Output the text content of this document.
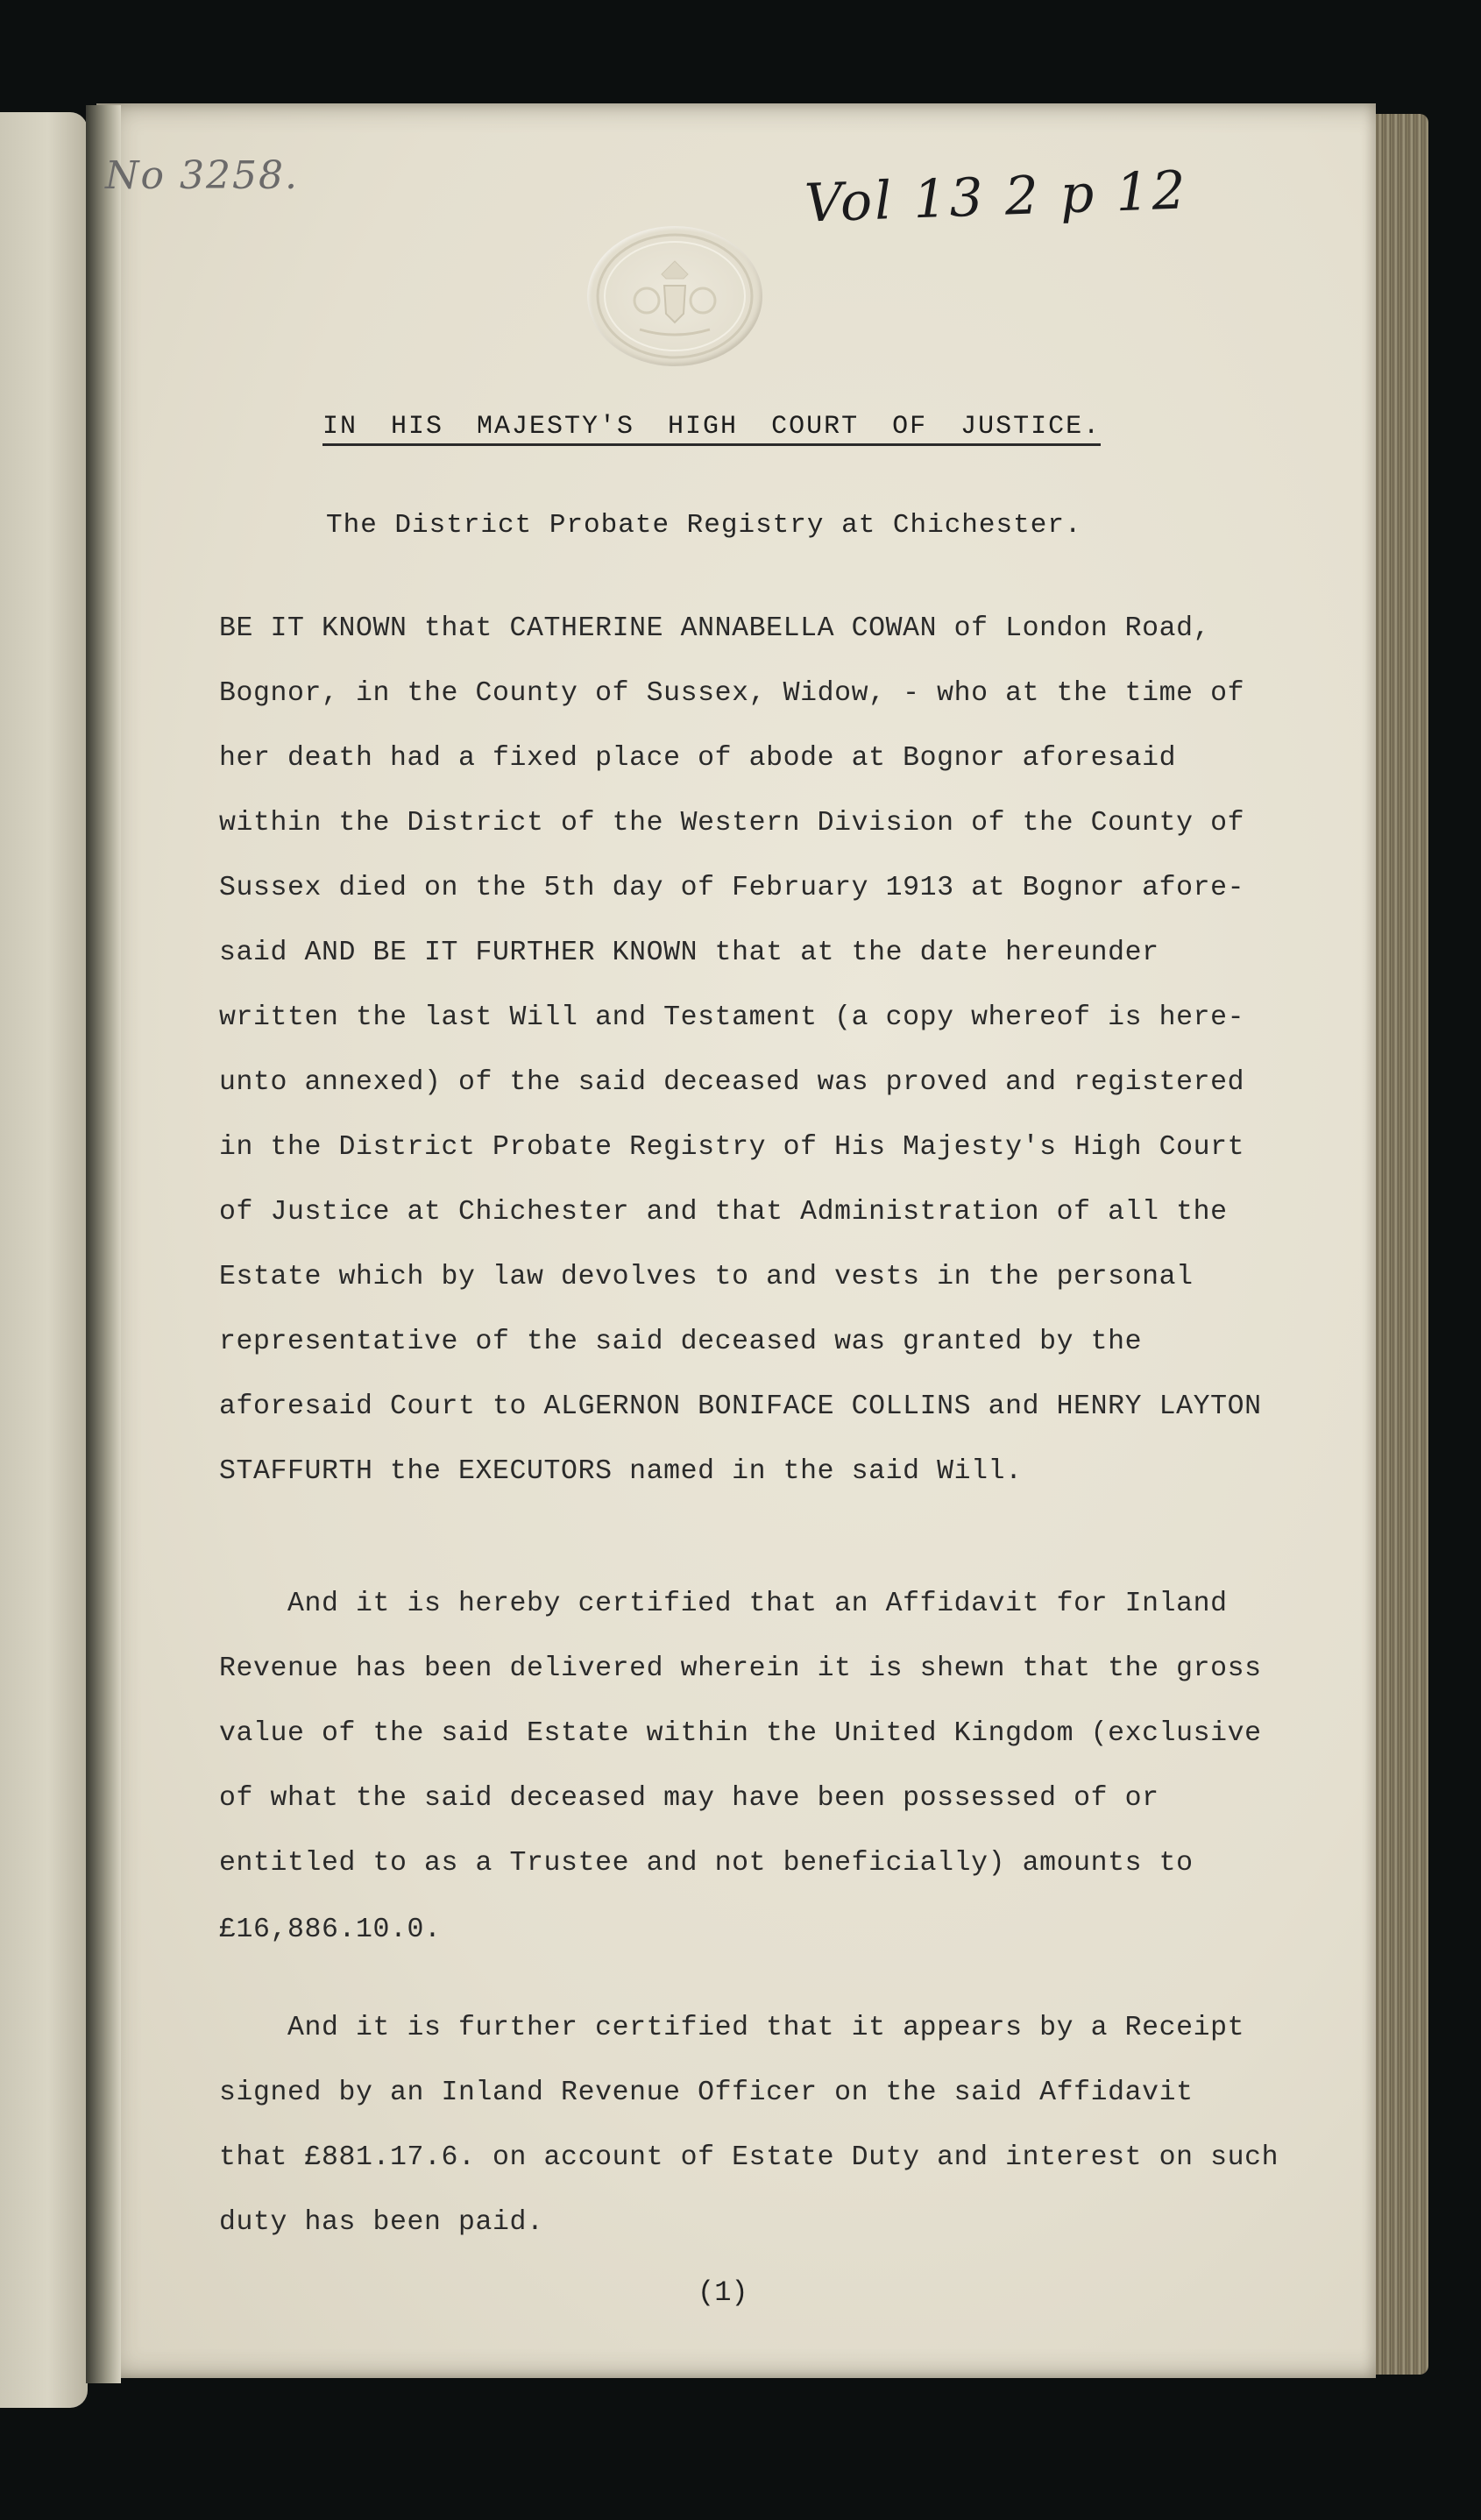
No 3258.	Vol 13 2 p 12
IN HIS MAJESTY'S HIGH COURT OF JUSTICE.
The District Probate Registry at Chichester.
BE IT KNOWN that CATHERINE ANNABELLA COWAN of London Road,
Bognor, in the County of Sussex, Widow, - who at the time of
her death had a fixed place of abode at Bognor aforesaid
within the District of the Western Division of the County of
Sussex died on the 5th day of February 1913 at Bognor afore-
said AND BE IT FURTHER KNOWN that at the date hereunder
written the last Will and Testament (a copy whereof is here-
unto annexed) of the said deceased was proved and registered
in the District Probate Registry of His Majesty's High Court
of Justice at Chichester and that Administration of all the
Estate which by law devolves to and vests in the personal
representative of the said deceased was granted by the
aforesaid Court to ALGERNON BONIFACE COLLINS and HENRY LAYTON
STAFFURTH the EXECUTORS named in the said Will.
And it is hereby certified that an Affidavit for Inland
Revenue has been delivered wherein it is shewn that the gross
value of the said Estate within the United Kingdom (exclusive
of what the said deceased may have been possessed of or
entitled to as a Trustee and not beneficially) amounts to
£16,886.10.0.
And it is further certified that it appears by a Receipt
signed by an Inland Revenue Officer on the said Affidavit
that £881.17.6. on account of Estate Duty and interest on such
duty has been paid.
(1)
